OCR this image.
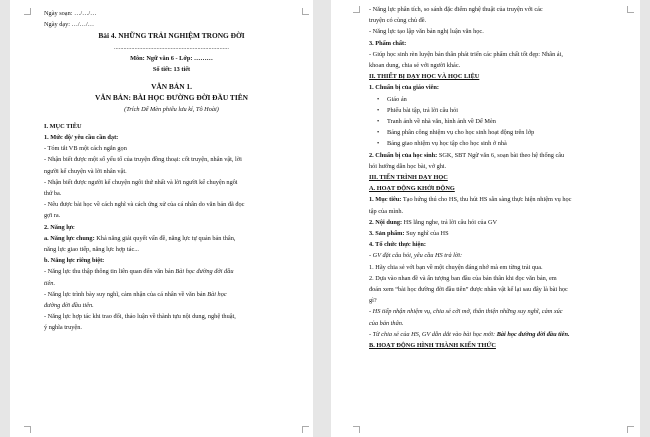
Ngày soạn: …/…/…
Ngày dạy: …/…/…
Bài 4. NHỮNG TRẢI NGHIỆM TRONG ĐỜI
.........................................................................
Môn: Ngữ văn 6 - Lớp: ………
Số tiết: 13 tiết
VĂN BẢN 1.
VĂN BẢN: BÀI HỌC ĐƯỜNG ĐỜI ĐẦU TIÊN
(Trích Dế Mèn phiêu lưu kí, Tô Hoài)
I. MỤC TIÊU
1. Mức độ/ yêu cầu cần đạt:
- Tóm tắt VB một cách ngắn gọn
- Nhận biết được một số yếu tố của truyện đồng thoại: cốt truyện, nhân vật, lời
người kể chuyện và lời nhân vật.
- Nhận biết được người kể chuyện ngôi thứ nhất và lời người kể chuyện ngôi
thứ ba.
- Nêu được bài học về cách nghĩ và cách ứng xử của cá nhân do văn bản đã đọc
gợi ra.
2. Năng lực
a. Năng lực chung: Khả năng giải quyết vấn đề, năng lực tự quản bản thân,
năng lực giao tiếp, năng lực hợp tác...
b. Năng lực riêng biệt:
- Năng lực thu thập thông tin liên quan đến văn bản Bài học đường đời đầu
tiên.
- Năng lực trình bày suy nghĩ, cảm nhận của cá nhân về văn bản Bài học
đường đời đầu tiên.
- Năng lực hợp tác khi trao đổi, thảo luận về thành tựu nội dung, nghệ thuật,
ý nghĩa truyện.
- Năng lực phân tích, so sánh đặc điểm nghệ thuật của truyện với các
truyện có cùng chủ đề.
- Năng lực tạo lập văn bản nghị luận văn học.
3. Phẩm chất:
- Giúp học sinh rèn luyện bản thân phát triển các phẩm chất tốt đẹp: Nhân ái,
khoan dung, chia sẻ với người khác.
II. THIẾT BỊ DẠY HỌC VÀ HỌC LIỆU
1. Chuẩn bị của giáo viên:
• Giáo án
• Phiếu bài tập, trả lời câu hỏi
• Tranh ảnh về nhà văn, hình ảnh về Dế Mèn
• Bảng phân công nhiệm vụ cho học sinh hoạt động trên lớp
• Bảng giao nhiệm vụ học tập cho học sinh ở nhà
2. Chuẩn bị của học sinh: SGK, SBT Ngữ văn 6, soạn bài theo hệ thống câu
hỏi hướng dẫn học bài, vở ghi.
III. TIẾN TRÌNH DẠY HỌC
A. HOẠT ĐỘNG KHỞI ĐỘNG
1. Mục tiêu: Tạo hứng thú cho HS, thu hút HS sẵn sàng thực hiện nhiệm vụ học
tập của mình.
2. Nội dung: HS lắng nghe, trả lời câu hỏi của GV
3. Sản phẩm: Suy nghĩ của HS
4. Tổ chức thực hiện:
- GV đặt câu hỏi, yêu cầu HS trả lời:
1. Hãy chia sẻ với bạn về một chuyện đáng nhớ mà em từng trải qua.
2. Dựa vào nhan đề và ấn tượng ban đầu của bản thân khi đọc văn bản, em
đoán xem “bài học đường đời đầu tiên” được nhân vật kể lại sau đây là bài học
gì?
- HS tiếp nhận nhiệm vụ, chia sẻ cởi mở, thân thiện những suy nghĩ, cảm xúc
của bản thân.
- Từ chia sẻ của HS, GV dẫn dắt vào bài học mới: Bài học đường đời đầu tiên.
B. HOẠT ĐỘNG HÌNH THÀNH KIẾN THỨC
